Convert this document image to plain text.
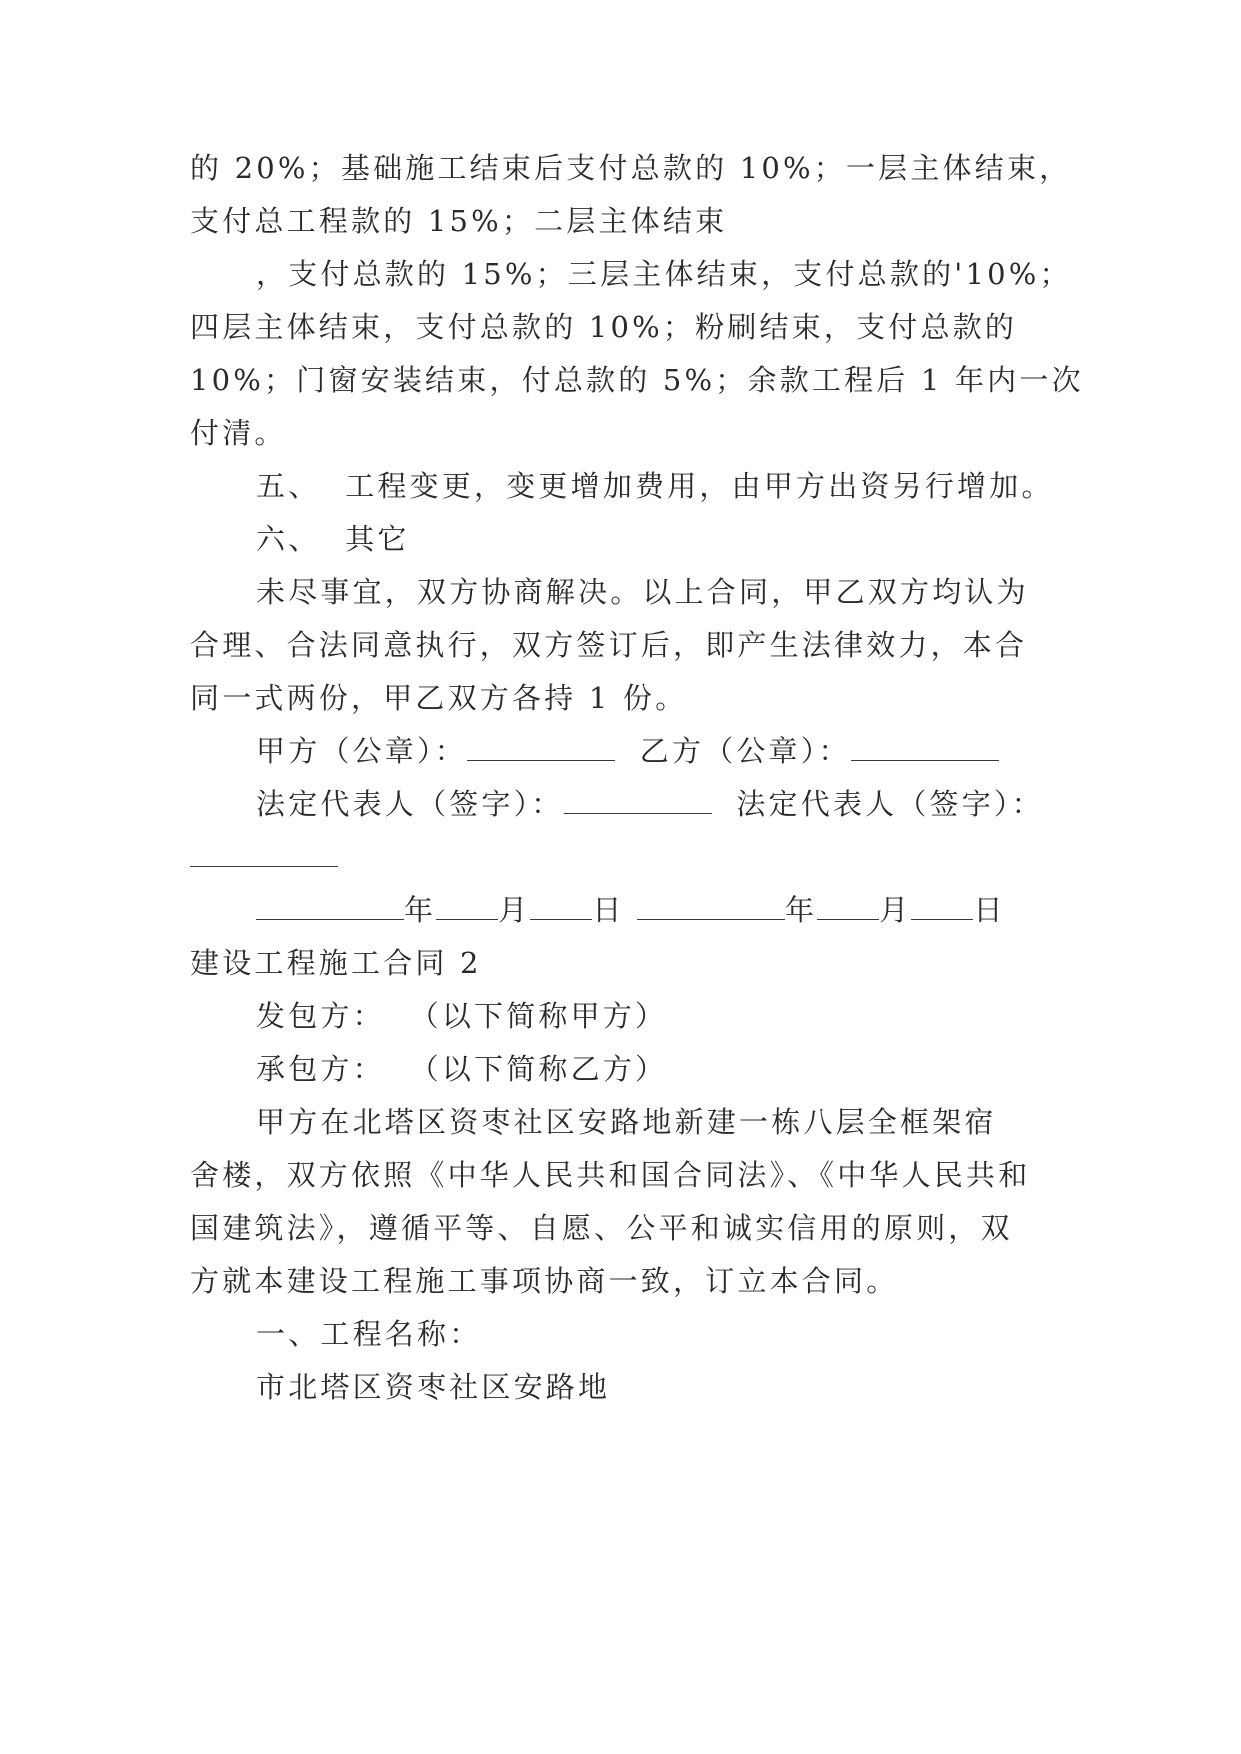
的 20%；基础施工结束后支付总款的 10%；一层主体结束，
支付总工程款的 15%；二层主体结束
，支付总款的 15%；三层主体结束，支付总款的'10%；
四层主体结束，支付总款的 10%；粉刷结束，支付总款的
10%；门窗安装结束，付总款的 5%；余款工程后 1 年内一次
付清。
五、  工程变更，变更增加费用，由甲方出资另行增加。
六、  其它
未尽事宜，双方协商解决。以上合同，甲乙双方均认为
合理、合法同意执行，双方签订后，即产生法律效力，本合
同一式两份，甲乙双方各持 1 份。
甲方（公章）：	乙方（公章）：
法定代表人（签字）：	法定代表人（签字）：
年 月 日	年 月 日
建设工程施工合同 2
发包方：  （以下简称甲方）
承包方：  （以下简称乙方）
甲方在北塔区资枣社区安路地新建一栋八层全框架宿
舍楼，双方依照《中华人民共和国合同法》、《中华人民共和
国建筑法》，遵循平等、自愿、公平和诚实信用的原则，双
方就本建设工程施工事项协商一致，订立本合同。
一、工程名称：
市北塔区资枣社区安路地
